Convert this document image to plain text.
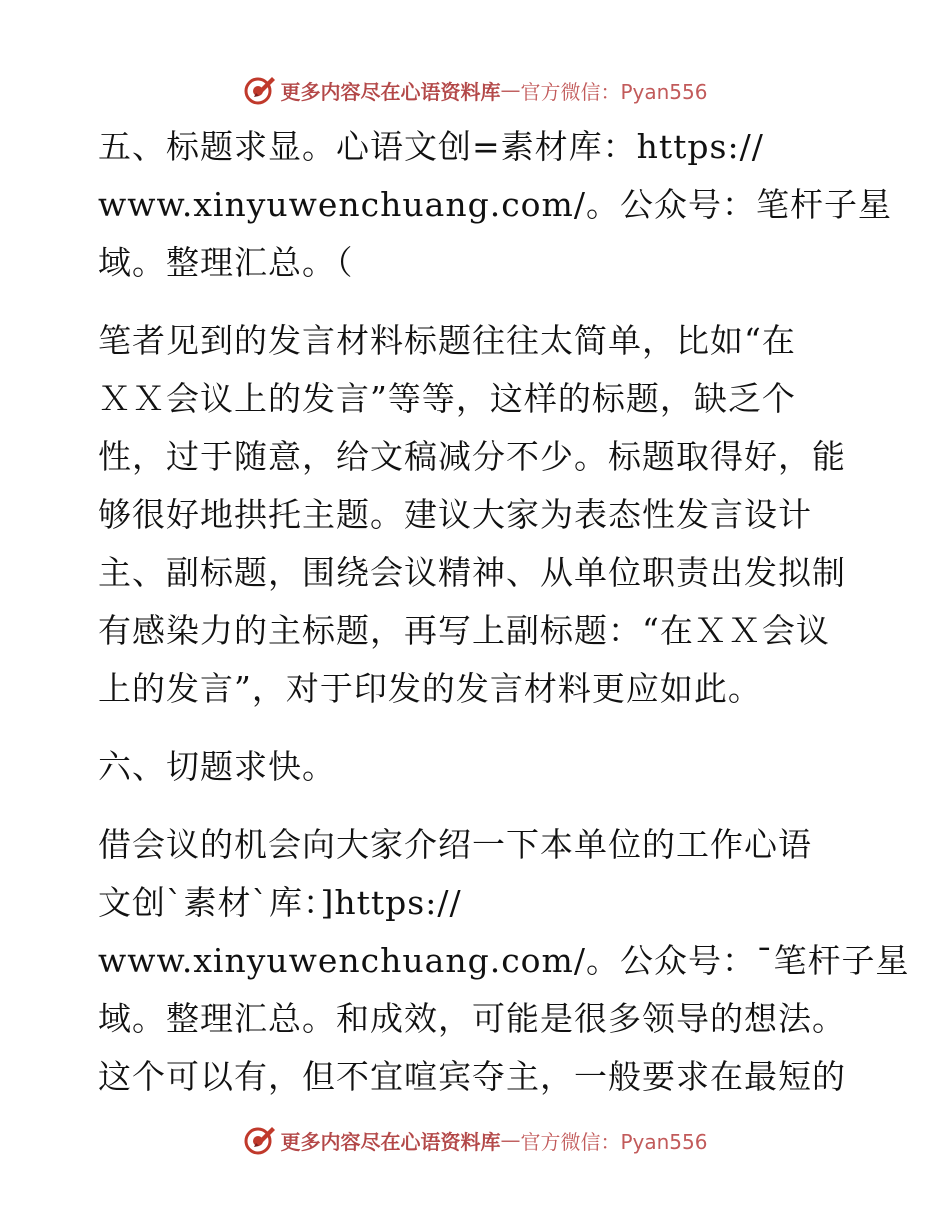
更多内容尽在心语资料库 — 官方微信：Pyan556
五、标题求显。心语文创=素材库：https://
www.xinyuwenchuang.com/。公众号：笔杆子星
域。整理汇总。（
笔者见到的发言材料标题往往太简单，比如“在
ＸＸ会议上的发言”等等，这样的标题，缺乏个
性，过于随意，给文稿减分不少。标题取得好，能
够很好地拱托主题。建议大家为表态性发言设计
主、副标题，围绕会议精神、从单位职责出发拟制
有感染力的主标题，再写上副标题：“在ＸＸ会议
上的发言”，对于印发的发言材料更应如此。
六、切题求快。
借会议的机会向大家介绍一下本单位的工作心语
文创`素材`库：]https://
www.xinyuwenchuang.com/。公众号：¯笔杆子星
域。整理汇总。和成效，可能是很多领导的想法。
这个可以有，但不宜喧宾夺主，一般要求在最短的
更多内容尽在心语资料库 — 官方微信：Pyan556
